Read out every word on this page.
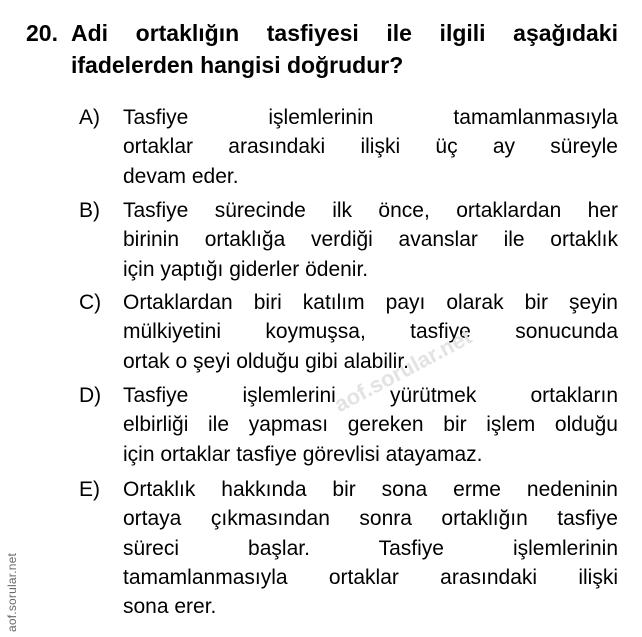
20. Adi ortaklığın tasfiyesi ile ilgili aşağıdaki
ifadelerden hangisi doğrudur?
A) Tasfiye işlemlerinin tamamlanmasıyla
ortaklar arasındaki ilişki üç ay süreyle
devam eder.
B) Tasfiye sürecinde ilk önce, ortaklardan her
birinin ortaklığa verdiği avanslar ile ortaklık
için yaptığı giderler ödenir.
C) Ortaklardan biri katılım payı olarak bir şeyin
mülkiyetini koymuşsa, tasfiye sonucunda
ortak o şeyi olduğu gibi alabilir.
D) Tasfiye işlemlerini yürütmek ortakların
elbirliği ile yapması gereken bir işlem olduğu
için ortaklar tasfiye görevlisi atayamaz.
E) Ortaklık hakkında bir sona erme nedeninin
ortaya çıkmasından sonra ortaklığın tasfiye
süreci başlar. Tasfiye işlemlerinin
tamamlanmasıyla ortaklar arasındaki ilişki
sona erer.
aof.sorular.net
aof.sorular.net
